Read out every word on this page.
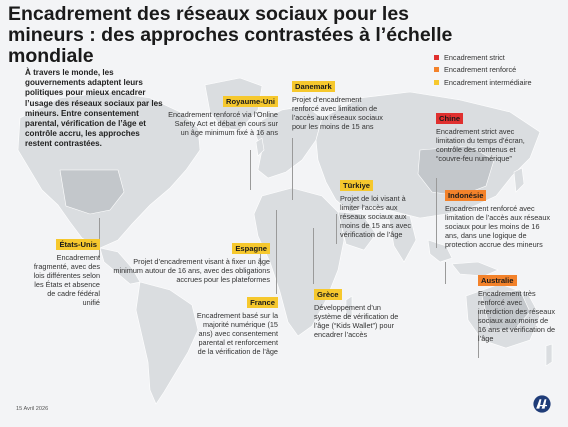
Encadrement des réseaux sociaux pour les mineurs : des approches contrastées à l’échelle mondiale	Encadrement strict
Encadrement renforcé
Encadrement intermédiaire
À travers le monde, les gouvernements adaptent leurs politiques pour mieux encadrer l’usage des réseaux sociaux par les mineurs. Entre consentement parental, vérification de l’âge et contrôle accru, les approches restent contrastées.
Royaume-Uni
Encadrement renforcé via l’Online Safety Act et débat en cours sur un âge minimum fixé à 16 ans
Danemark
Projet d’encadrement renforcé avec limitation de l’accès aux réseaux sociaux pour les moins de 15 ans
Chine
Encadrement strict avec limitation du temps d’écran, contrôle des contenus et “couvre-feu numérique”
Türkiye
Projet de loi visant à limiter l’accès aux réseaux sociaux aux moins de 15 ans avec vérification de l’âge
Indonésie
Encadrement renforcé avec limitation de l’accès aux réseaux sociaux pour les moins de 16 ans, dans une logique de protection accrue des mineurs
États-Unis
Encadrement fragmenté, avec des lois différentes selon les États et absence de cadre fédéral unifié
Espagne
Projet d’encadrement visant à fixer un âge minimum autour de 16 ans, avec des obligations accrues pour les plateformes
France
Encadrement basé sur la majorité numérique (15 ans) avec consentement parental et renforcement de la vérification de l’âge
Grèce
Développement d’un système de vérification de l’âge (“Kids Wallet”) pour encadrer l’accès
Australie
Encadrement très renforcé avec interdiction des réseaux sociaux aux moins de 16 ans et vérification de l’âge
15 Avril 2026
